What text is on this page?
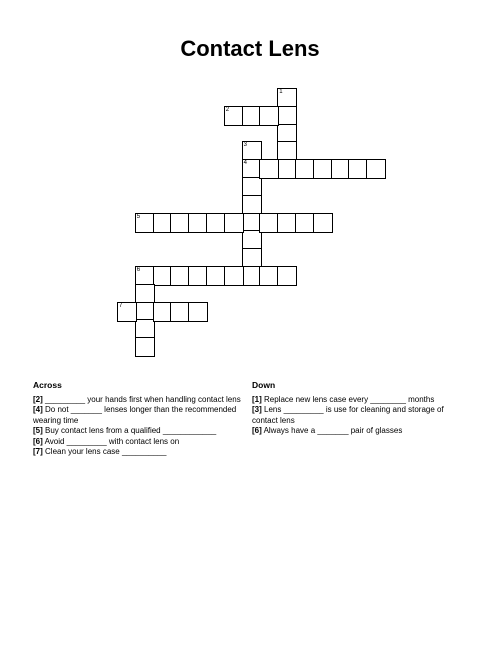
Contact Lens
1
2
3
4
5
6
7
Across

[2] _________ your hands first when handling contact lens

[4] Do not _______ lenses longer than the recommended wearing time

[5] Buy contact lens from a qualified ____________

[6] Avoid _________ with contact lens on

[7] Clean your lens case __________

Down

[1] Replace new lens case every ________ months

[3] Lens _________ is use for cleaning and storage of contact lens

[6] Always have a _______ pair of glasses
